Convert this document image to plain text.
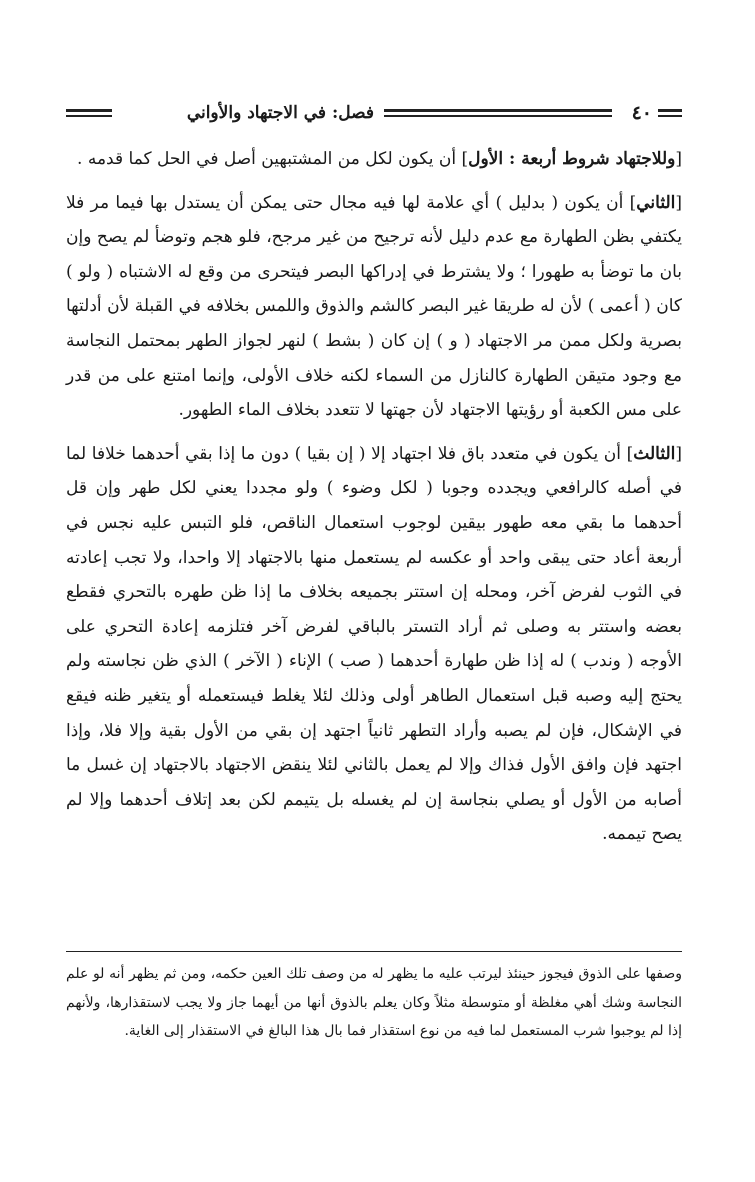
٤٠
فصل: في الاجتهاد والأواني

[وللاجتهاد شروط أربعة : الأول] أن يكون لكل من المشتبهين أصل في الحل كما قدمه .

[الثاني] أن يكون ( بدليل ) أي علامة لها فيه مجال حتى يمكن أن يستدل بها فيما مر فلا يكتفي بظن الطهارة مع عدم دليل لأنه ترجيح من غير مرجح، فلو هجم وتوضأ لم يصح وإن بان ما توضأ به طهورا ؛ ولا يشترط في إدراكها البصر فيتحرى من وقع له الاشتباه ( ولو ) كان ( أعمى ) لأن له طريقا غير البصر كالشم والذوق واللمس بخلافه في القبلة لأن أدلتها بصرية ولكل ممن مر الاجتهاد ( و ) إن كان ( بشط ) لنهر لجواز الطهر بمحتمل النجاسة مع وجود متيقن الطهارة كالنازل من السماء لكنه خلاف الأولى، وإنما امتنع على من قدر على مس الكعبة أو رؤيتها الاجتهاد لأن جهتها لا تتعدد بخلاف الماء الطهور.

[الثالث] أن يكون في متعدد باق فلا اجتهاد إلا ( إن بقيا ) دون ما إذا بقي أحدهما خلافا لما في أصله كالرافعي ويجدده وجوبا ( لكل وضوء ) ولو مجددا يعني لكل طهر وإن قل أحدهما ما بقي معه طهور بيقين لوجوب استعمال الناقص، فلو التبس عليه نجس في أربعة أعاد حتى يبقى واحد أو عكسه لم يستعمل منها بالاجتهاد إلا واحدا، ولا تجب إعادته في الثوب لفرض آخر، ومحله إن استتر بجميعه بخلاف ما إذا ظن طهره بالتحري فقطع بعضه واستتر به وصلى ثم أراد التستر بالباقي لفرض آخر فتلزمه إعادة التحري على الأوجه ( وندب ) له إذا ظن طهارة أحدهما ( صب ) الإناء ( الآخر ) الذي ظن نجاسته ولم يحتج إليه وصبه قبل استعمال الطاهر أولى وذلك لئلا يغلط فيستعمله أو يتغير ظنه فيقع في الإشكال، فإن لم يصبه وأراد التطهر ثانياً اجتهد إن بقي من الأول بقية وإلا فلا، وإذا اجتهد فإن وافق الأول فذاك وإلا لم يعمل بالثاني لئلا ينقض الاجتهاد بالاجتهاد إن غسل ما أصابه من الأول أو يصلي بنجاسة إن لم يغسله بل يتيمم لكن بعد إتلاف أحدهما وإلا لم يصح تيممه.

وصفها على الذوق فيجوز حينئذ ليرتب عليه ما يظهر له من وصف تلك العين حكمه، ومن ثم يظهر أنه لو علم النجاسة وشك أهي مغلظة أو متوسطة مثلاً وكان يعلم بالذوق أنها من أيهما جاز ولا يجب لاستقذارها، ولأنهم إذا لم يوجبوا شرب المستعمل لما فيه من نوع استقذار فما بال هذا البالغ في الاستقذار إلى الغاية.
